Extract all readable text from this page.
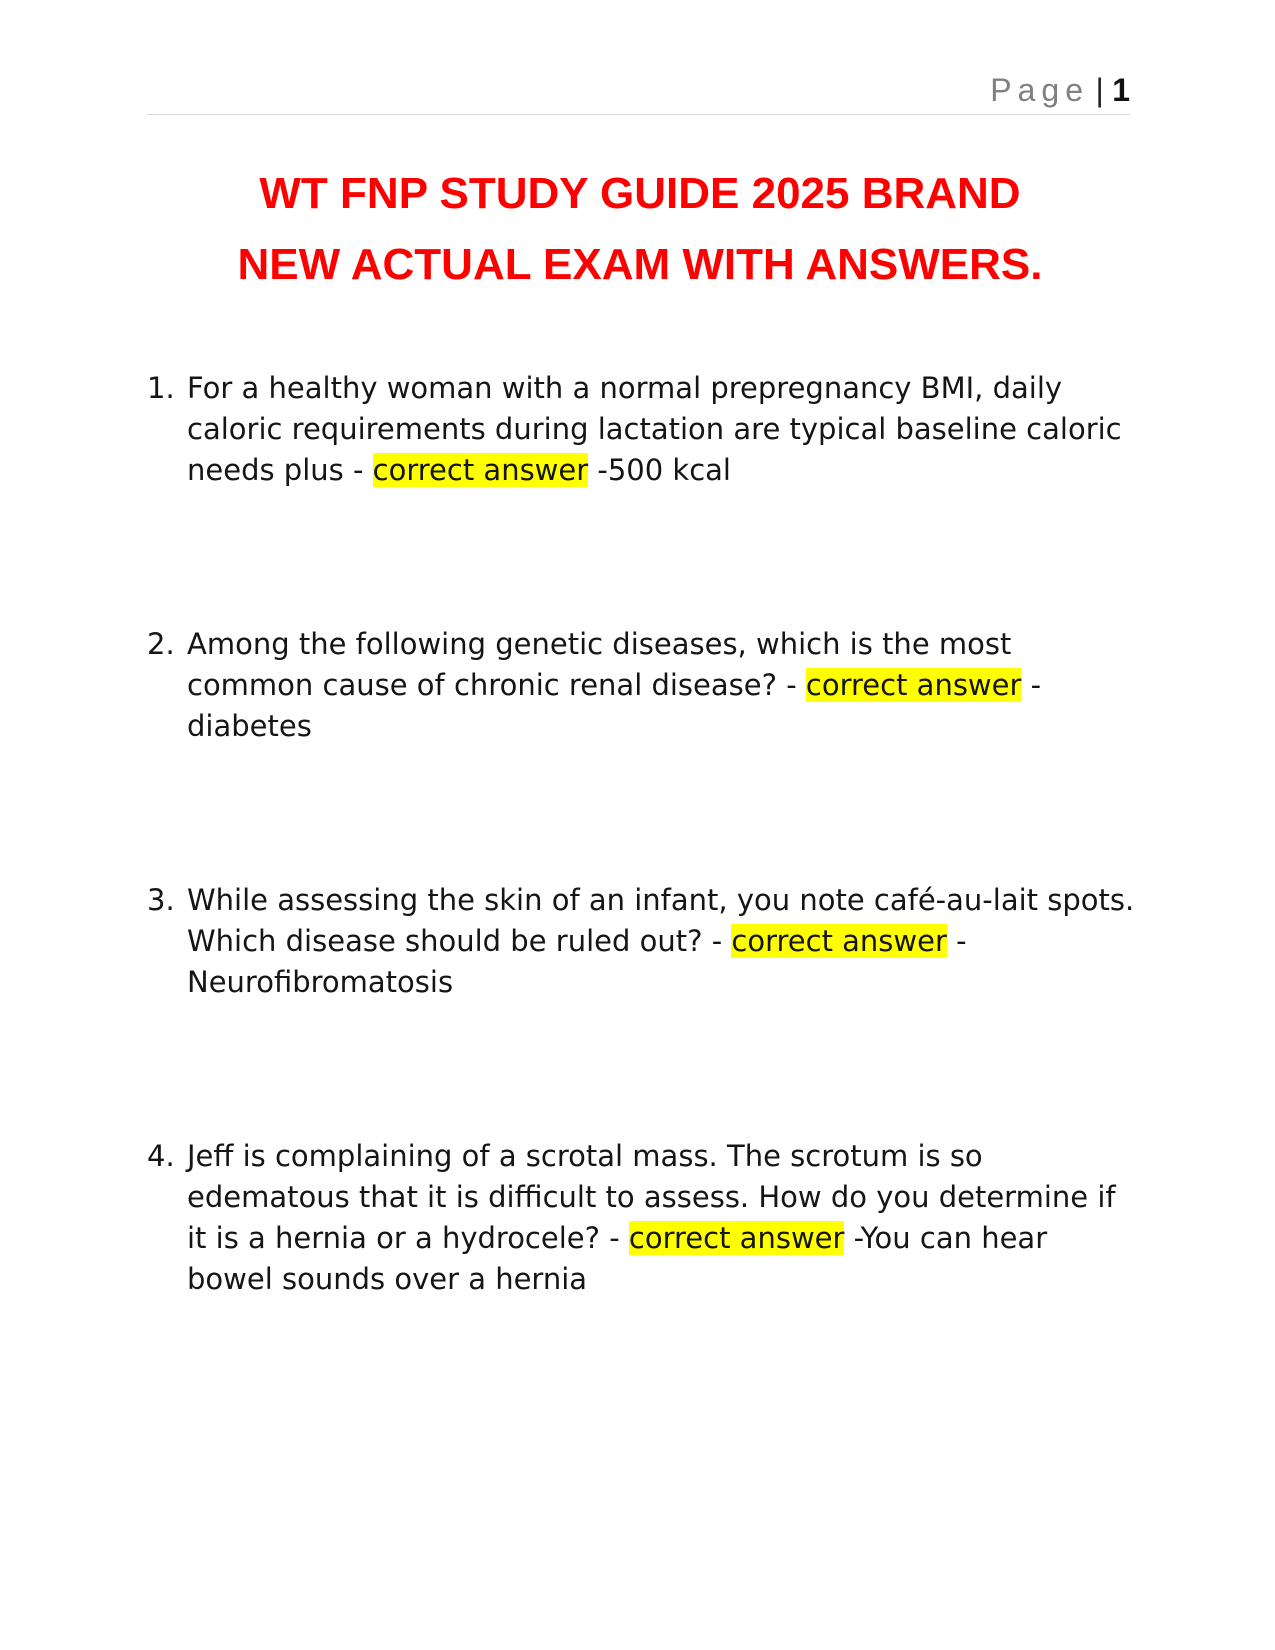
Page | 1
WT FNP STUDY GUIDE 2025 BRAND
NEW ACTUAL EXAM WITH ANSWERS.
1. For a healthy woman with a normal prepregnancy BMI, daily caloric requirements during lactation are typical baseline caloric needs plus - correct answer -500 kcal
2. Among the following genetic diseases, which is the most common cause of chronic renal disease? - correct answer - diabetes
3. While assessing the skin of an infant, you note café-au-lait spots. Which disease should be ruled out? - correct answer - Neurofibromatosis
4. Jeff is complaining of a scrotal mass. The scrotum is so edematous that it is difficult to assess. How do you determine if it is a hernia or a hydrocele? - correct answer -You can hear bowel sounds over a hernia
